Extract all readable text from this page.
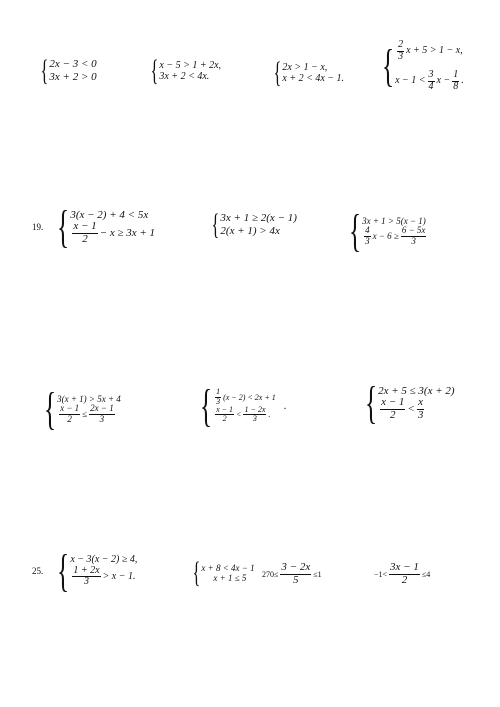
{ 2x − 3 < 0
3x + 2 > 0 { x − 5 > 1 + 2x,
3x + 2 < 4x.	{ 2x > 1 − x,
x + 2 < 4x − 1. { $\frac{2}{3}$ x + 5 > 1 − x,
$x - 1 < \frac{3}{4}$ $x - \frac{1}{8}$ .
19. { 3(x − 2) + 4 < 5x
$\frac{x - 1}{2} - x \ge 3x + 1$ { 3x + 1 ≥ 2(x − 1)
2(x + 1) > 4x	{ 3x + 1 > 5(x − 1)
$\frac{4}{3}$ $x - 6 \ge \frac{6 - 5x}{3}$
{ 3(x + 1) > 5x + 4
$\frac{x - 1}{2} \le \frac{2x - 1}{3}$ { $\frac{1}{3} (x - 2) < 2x + 1$
$\frac{x - 1}{2} < \frac{1 - 2x}{3}$ .
. { 2x + 5 ≤ 3(x + 2)
$\frac{x - 1}{2} < \frac{x}{3}$
25. { x − 3(x − 2) ≥ 4,
$\frac{1 + 2x}{3} > x - 1$. { x + 8 < 4x − 1
x + 1 ≤ 5	$270\le \frac{3 - 2x}{5} \le 1$	$-1< \frac{3x - 1}{2} \le 4$
